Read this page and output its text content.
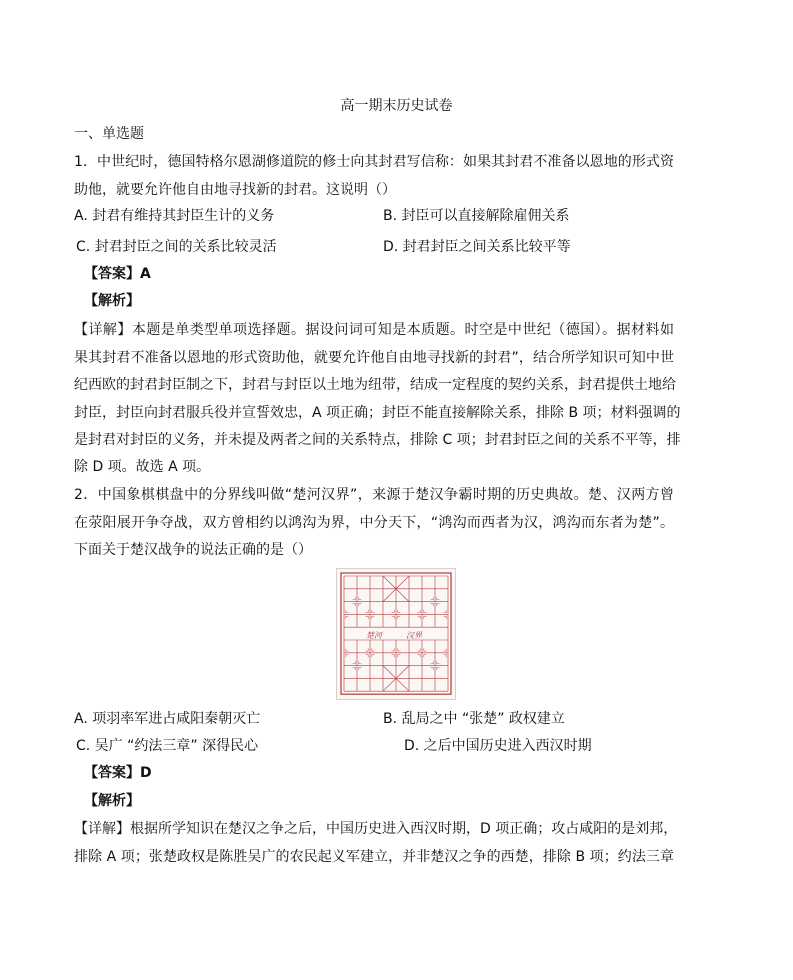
高一期末历史试卷
一、单选题
1．中世纪时，德国特格尔恩湖修道院的修士向其封君写信称：如果其封君不准备以恩地的形式资
助他，就要允许他自由地寻找新的封君。这说明（）
A. 封君有维持其封臣生计的义务	B. 封臣可以直接解除雇佣关系
C. 封君封臣之间的关系比较灵活	D. 封君封臣之间关系比较平等
【答案】A
【解析】
【详解】本题是单类型单项选择题。据设问词可知是本质题。时空是中世纪（德国）。据材料如
果其封君不准备以恩地的形式资助他，就要允许他自由地寻找新的封君”，结合所学知识可知中世
纪西欧的封君封臣制之下，封君与封臣以土地为纽带，结成一定程度的契约关系，封君提供土地给
封臣，封臣向封君服兵役并宣誓效忠，A 项正确；封臣不能直接解除关系，排除 B 项；材料强调的
是封君对封臣的义务，并未提及两者之间的关系特点，排除 C 项；封君封臣之间的关系不平等，排
除 D 项。故选 A 项。
2．中国象棋棋盘中的分界线叫做“楚河汉界”，来源于楚汉争霸时期的历史典故。楚、汉两方曾
在荥阳展开争夺战，双方曾相约以鸿沟为界，中分天下，“鸿沟而西者为汉，鸿沟而东者为楚”。
下面关于楚汉战争的说法正确的是（）
楚河	汉界
A. 项羽率军进占咸阳秦朝灭亡	B. 乱局之中 “张楚” 政权建立
C. 吴广 “约法三章” 深得民心	D. 之后中国历史进入西汉时期
【答案】D
【解析】
【详解】根据所学知识在楚汉之争之后，中国历史进入西汉时期，D 项正确；攻占咸阳的是刘邦，
排除 A 项；张楚政权是陈胜吴广的农民起义军建立，并非楚汉之争的西楚，排除 B 项；约法三章
